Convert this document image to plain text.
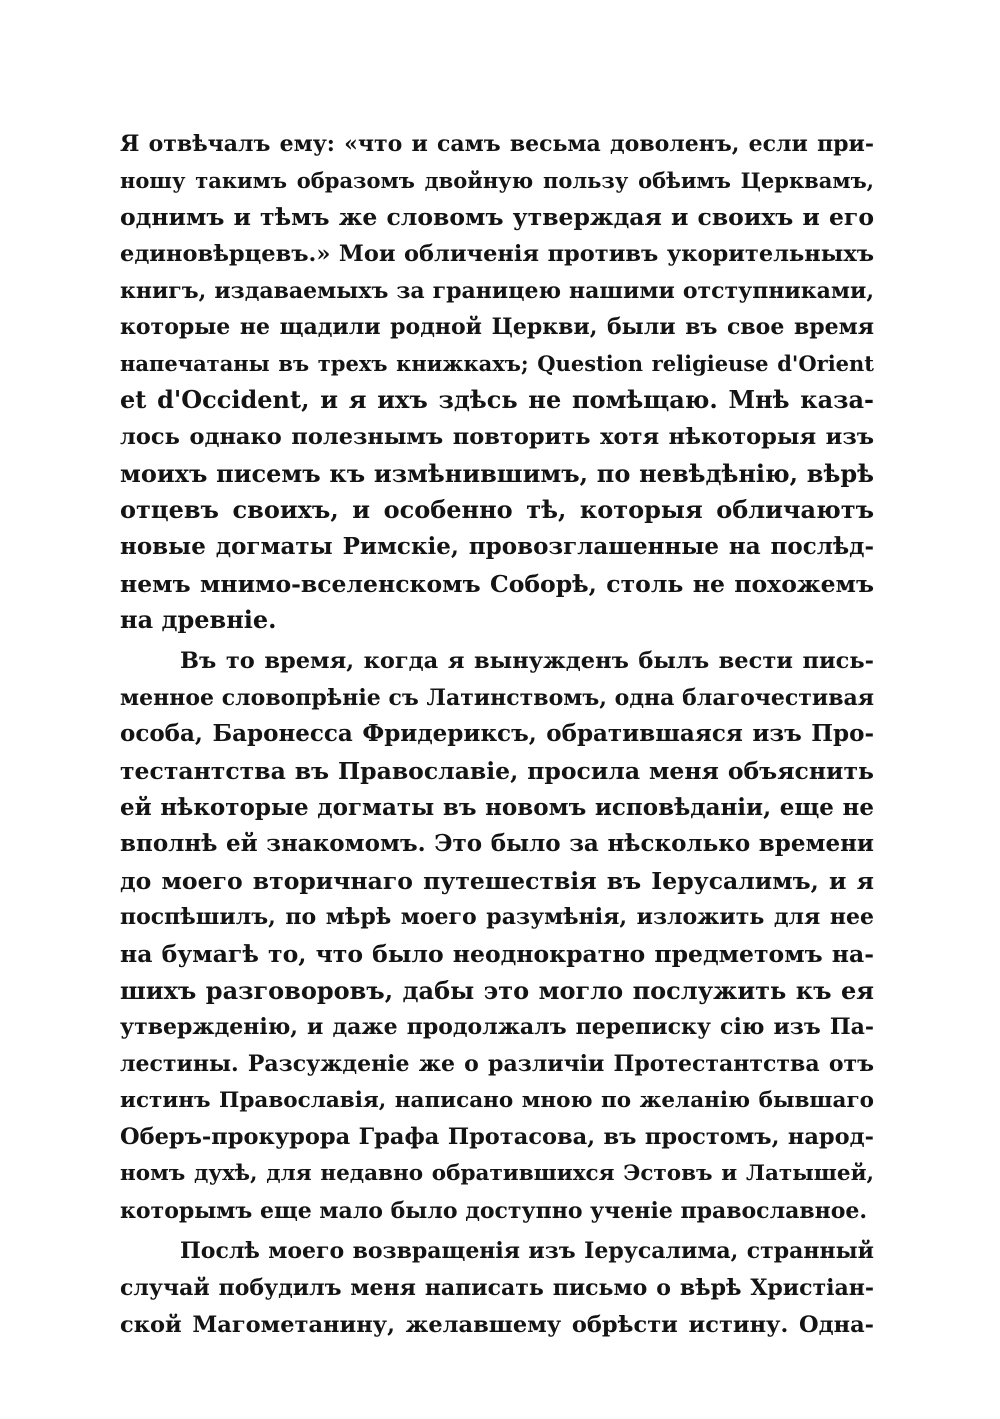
Я отвѣчалъ ему: «что и самъ весьма доволенъ, если при-
ношу такимъ образомъ двойную пользу обѣимъ Церквамъ,
однимъ и тѣмъ же словомъ утверждая и своихъ и его
единовѣрцевъ.» Мои обличенія противъ укорительныхъ
книгъ, издаваемыхъ за границею нашими отступниками,
которые не щадили родной Церкви, были въ свое время
напечатаны въ трехъ книжкахъ; Question religieuse d'Orient
et d'Occident, и я ихъ здѣсь не помѣщаю. Мнѣ каза-
лось однако полезнымъ повторить хотя нѣкоторыя изъ
моихъ писемъ къ измѣнившимъ, по невѣдѣнію, вѣрѣ
отцевъ своихъ, и особенно тѣ, которыя обличаютъ
новые догматы Римскіе, провозглашенные на послѣд-
немъ мнимо-вселенскомъ Соборѣ, столь не похожемъ
на древніе.
Въ то время, когда я вынужденъ былъ вести пись-
менное словопрѣніе съ Латинствомъ, одна благочестивая
особа, Баронесса Фридериксъ, обратившаяся изъ Про-
тестантства въ Православіе, просила меня объяснить
ей нѣкоторые догматы въ новомъ исповѣданіи, еще не
вполнѣ ей знакомомъ. Это было за нѣсколько времени
до моего вторичнаго путешествія въ Іерусалимъ, и я
поспѣшилъ, по мѣрѣ моего разумѣнія, изложить для нее
на бумагѣ то, что было неоднократно предметомъ на-
шихъ разговоровъ, дабы это могло послужить къ ея
утвержденію, и даже продолжалъ переписку сію изъ Па-
лестины. Разсужденіе же о различіи Протестантства отъ
истинъ Православія, написано мною по желанію бывшаго
Оберъ-прокурора Графа Протасова, въ простомъ, народ-
номъ духѣ, для недавно обратившихся Эстовъ и Латышей,
которымъ еще мало было доступно ученіе православное.
Послѣ моего возвращенія изъ Іерусалима, странный
случай побудилъ меня написать письмо о вѣрѣ Христіан-
ской Магометанину, желавшему обрѣсти истину. Одна-
